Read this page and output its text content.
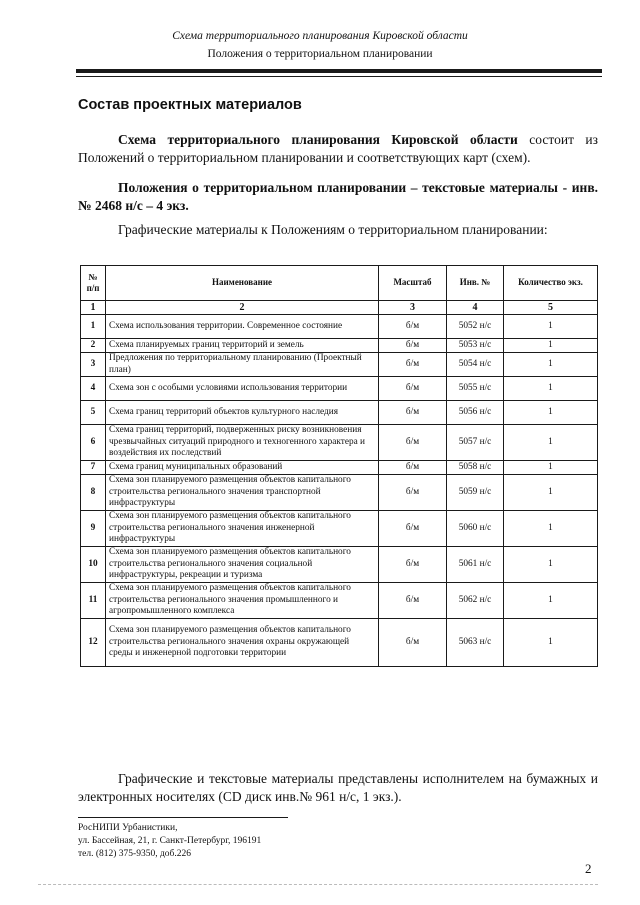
Схема территориального планирования Кировской области
Положения о территориальном планировании
Состав проектных материалов
Схема территориального планирования Кировской области состоит из Положений о территориальном планировании и соответствующих карт (схем).
Положения о территориальном планировании – текстовые материалы - инв. № 2468 н/с – 4 экз.
Графические материалы к Положениям о территориальном планировании:
№ п/п	Наименование	Масштаб	Инв. №	Количество экз.
1	2	3	4	5
1	Схема использования территории. Современное состояние	б/м	5052 н/с	1
2	Схема планируемых границ территорий и земель	б/м	5053 н/с	1
3	Предложения по территориальному планированию (Проектный план)	б/м	5054 н/с	1
4	Схема зон с особыми условиями использования территории	б/м	5055 н/с	1
5	Схема границ территорий объектов культурного наследия	б/м	5056 н/с	1
6	Схема границ территорий, подверженных риску возникновения чрезвычайных ситуаций природного и техногенного характера и воздействия их последствий	б/м	5057 н/с	1
7	Схема границ муниципальных образований	б/м	5058 н/с	1
8	Схема зон планируемого размещения объектов капитального строительства регионального значения транспортной инфраструктуры	б/м	5059 н/с	1
9	Схема зон планируемого размещения объектов капитального строительства регионального значения инженерной инфраструктуры	б/м	5060 н/с	1
10	Схема зон планируемого размещения объектов капитального строительства регионального значения социальной инфраструктуры, рекреации и туризма	б/м	5061 н/с	1
11	Схема зон планируемого размещения объектов капитального строительства регионального значения промышленного и агропромышленного комплекса	б/м	5062 н/с	1
12	Схема зон планируемого размещения объектов капитального строительства регионального значения охраны окружающей среды и инженерной подготовки территории	б/м	5063 н/с	1
Графические и текстовые материалы представлены исполнителем на бумажных и электронных носителях (CD диск инв.№ 961 н/с, 1 экз.).
РосНИПИ Урбанистики,
ул. Бассейная, 21, г. Санкт-Петербург, 196191
тел. (812) 375-9350, доб.226
2
